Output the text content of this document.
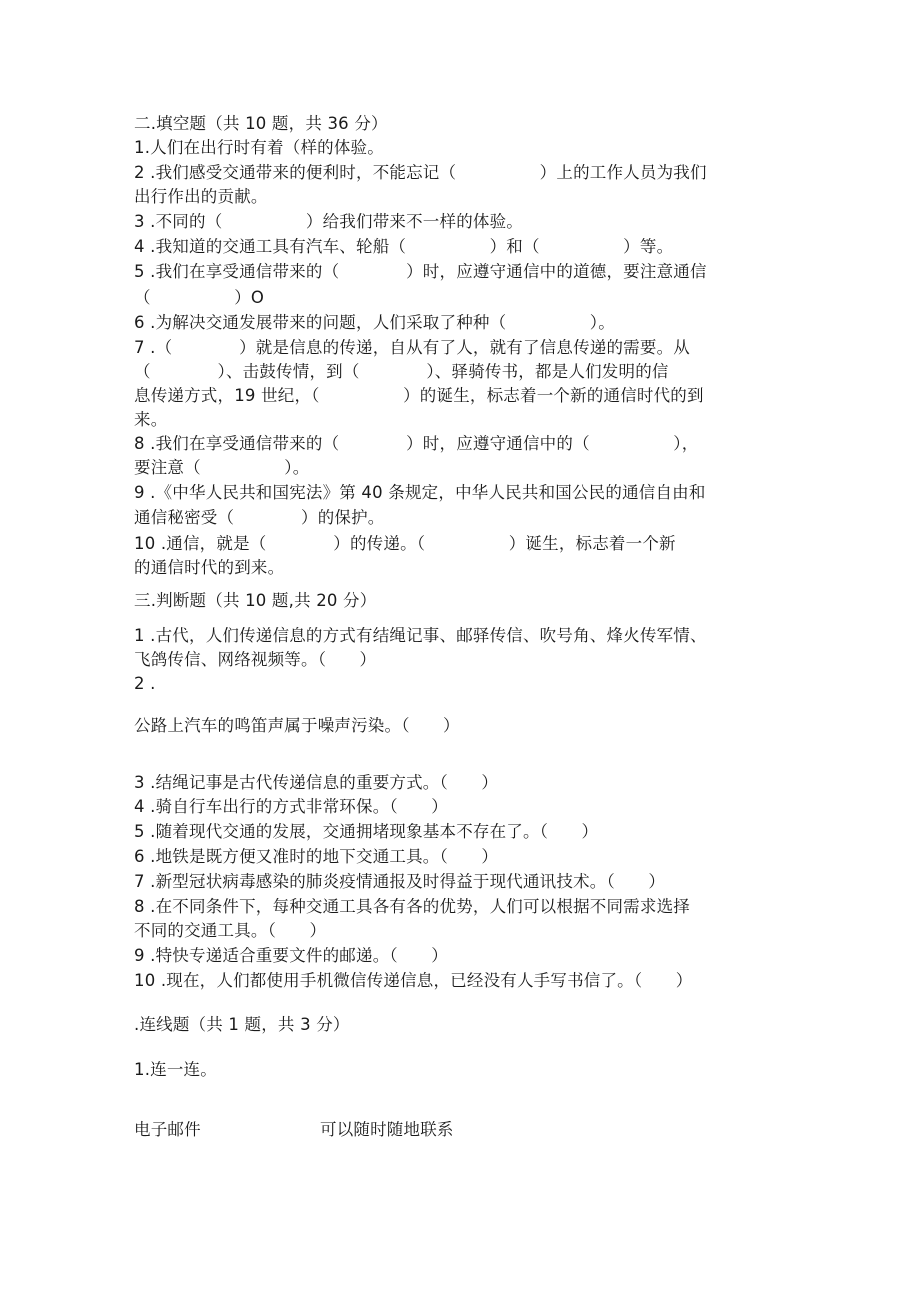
二.填空题（共 10 题，共 36 分）
1.人们在出行时有着（样的体验。
2 .我们感受交通带来的便利时，不能忘记（　　　　　）上的工作人员为我们
出行作出的贡献。
3 .不同的（　　　　　）给我们带来不一样的体验。
4 .我知道的交通工具有汽车、轮船（　　　　　）和（　　　　　）等。
5 .我们在享受通信带来的（　　　　）时，应遵守通信中的道德，要注意通信
（　　　　　）O
6 .为解决交通发展带来的问题，人们采取了种种（　　　　　）。
7 .（　　　　）就是信息的传递，自从有了人，就有了信息传递的需要。从
（　　　　）、击鼓传情，到（　　　　）、驿骑传书，都是人们发明的信
息传递方式，19 世纪，（　　　　　）的诞生，标志着一个新的通信时代的到
来。
8 .我们在享受通信带来的（　　　　）时，应遵守通信中的（　　　　　），
要注意（　　　　　）。
9 .《中华人民共和国宪法》第 40 条规定，中华人民共和国公民的通信自由和
通信秘密受（　　　　）的保护。
10 .通信，就是（　　　　）的传递。（　　　　　）诞生，标志着一个新
的通信时代的到来。
三.判断题（共 10 题,共 20 分）
1 .古代，人们传递信息的方式有结绳记事、邮驿传信、吹号角、烽火传军情、
飞鸽传信、网络视频等。（　　）
2 .
公路上汽车的鸣笛声属于噪声污染。（　　）
3 .结绳记事是古代传递信息的重要方式。（　　）
4 .骑自行车出行的方式非常环保。（　　）
5 .随着现代交通的发展，交通拥堵现象基本不存在了。（　　）
6 .地铁是既方便又准时的地下交通工具。（　　）
7 .新型冠状病毒感染的肺炎疫情通报及时得益于现代通讯技术。（　　）
8 .在不同条件下，每种交通工具各有各的优势，人们可以根据不同需求选择
不同的交通工具。（　　）
9 .特快专递适合重要文件的邮递。（　　）
10 .现在，人们都使用手机微信传递信息，已经没有人手写书信了。（　　）
.连线题（共 1 题，共 3 分）
1.连一连。
电子邮件	可以随时随地联系
